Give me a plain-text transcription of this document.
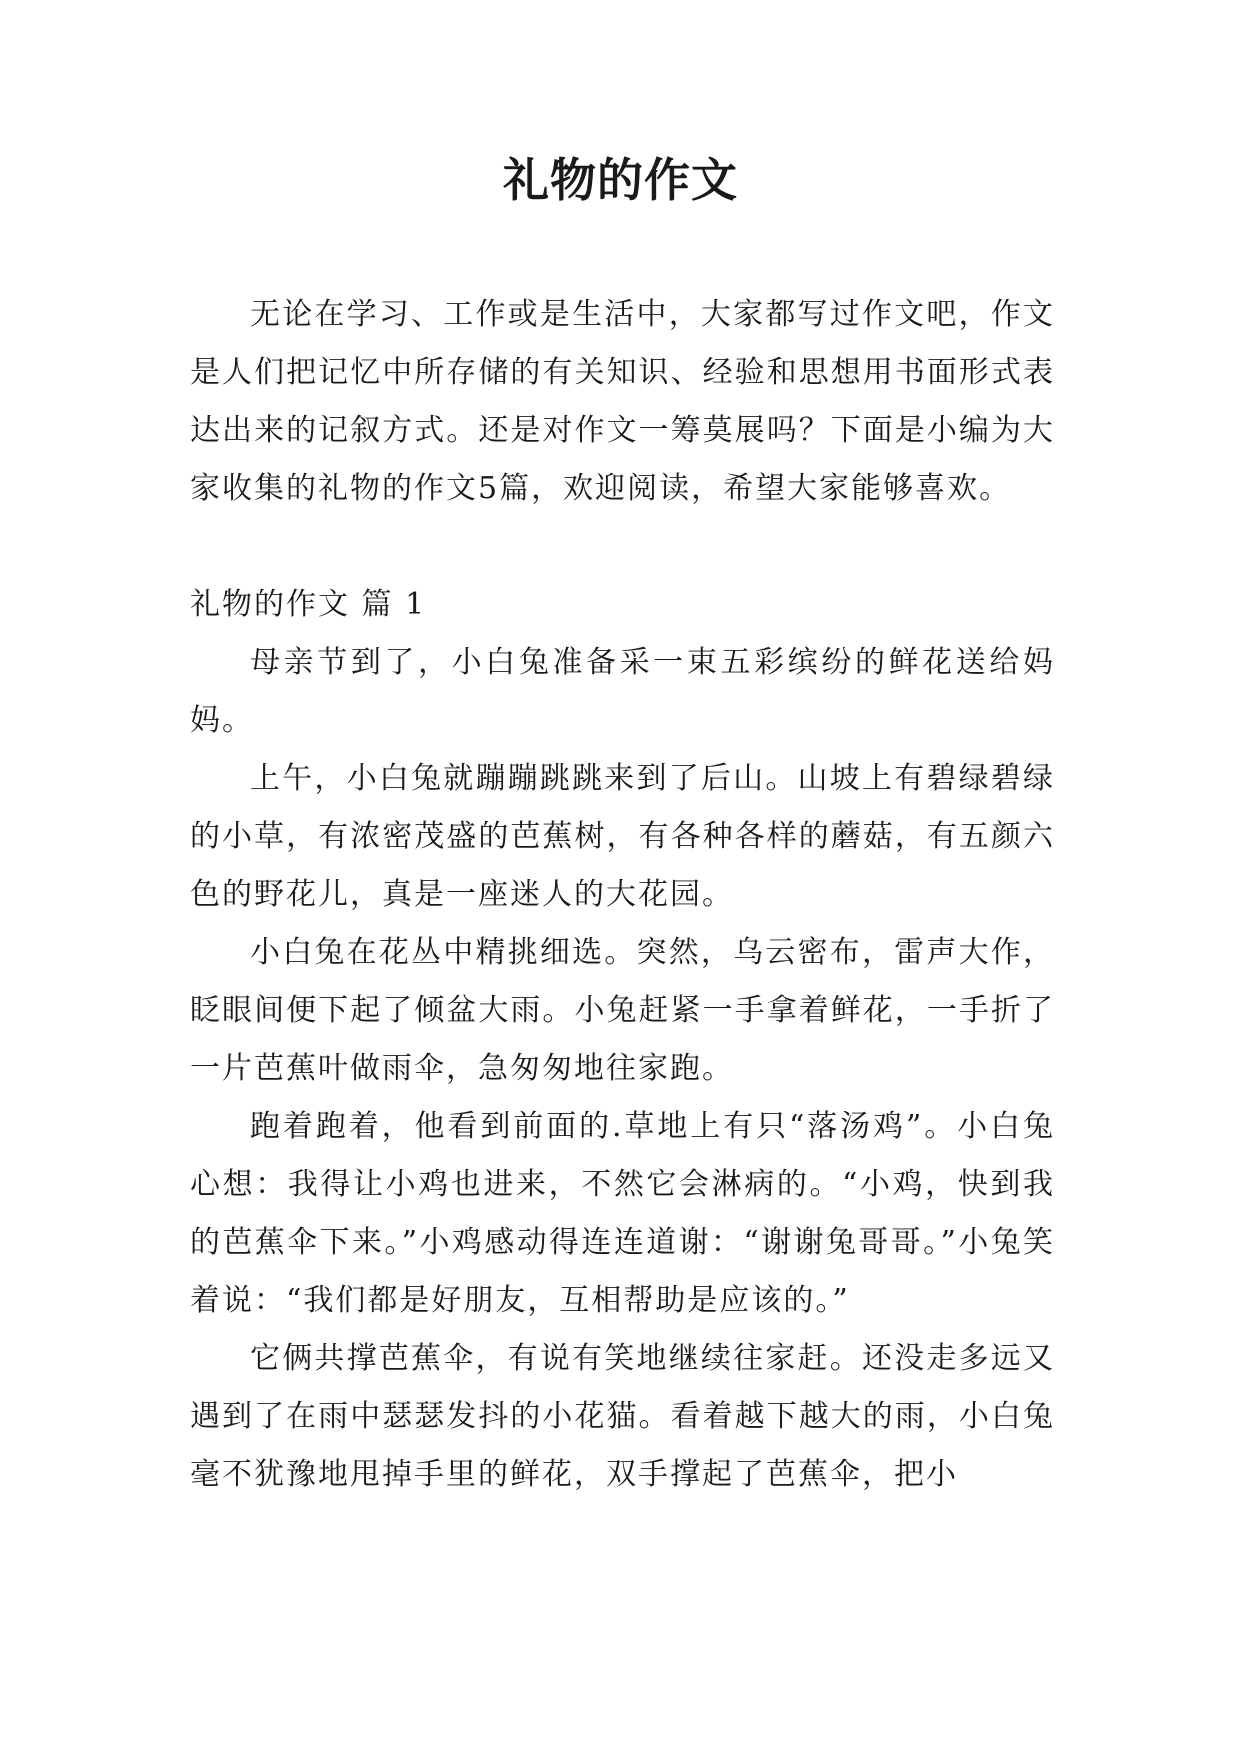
礼物的作文

无论在学习、工作或是生活中，大家都写过作文吧，作文是人们把记忆中所存储的有关知识、经验和思想用书面形式表达出来的记叙方式。还是对作文一筹莫展吗？下面是小编为大家收集的礼物的作文5篇，欢迎阅读，希望大家能够喜欢。

礼物的作文 篇 1

母亲节到了，小白兔准备采一束五彩缤纷的鲜花送给妈妈。

上午，小白兔就蹦蹦跳跳来到了后山。山坡上有碧绿碧绿的小草，有浓密茂盛的芭蕉树，有各种各样的蘑菇，有五颜六色的野花儿，真是一座迷人的大花园。

小白兔在花丛中精挑细选。突然，乌云密布，雷声大作，眨眼间便下起了倾盆大雨。小兔赶紧一手拿着鲜花，一手折了一片芭蕉叶做雨伞，急匆匆地往家跑。

跑着跑着，他看到前面的.草地上有只“落汤鸡”。小白兔心想：我得让小鸡也进来，不然它会淋病的。“小鸡，快到我的芭蕉伞下来。”小鸡感动得连连道谢：“谢谢兔哥哥。”小兔笑着说：“我们都是好朋友，互相帮助是应该的。”

它俩共撑芭蕉伞，有说有笑地继续往家赶。还没走多远又遇到了在雨中瑟瑟发抖的小花猫。看着越下越大的雨，小白兔毫不犹豫地甩掉手里的鲜花，双手撑起了芭蕉伞，把小
